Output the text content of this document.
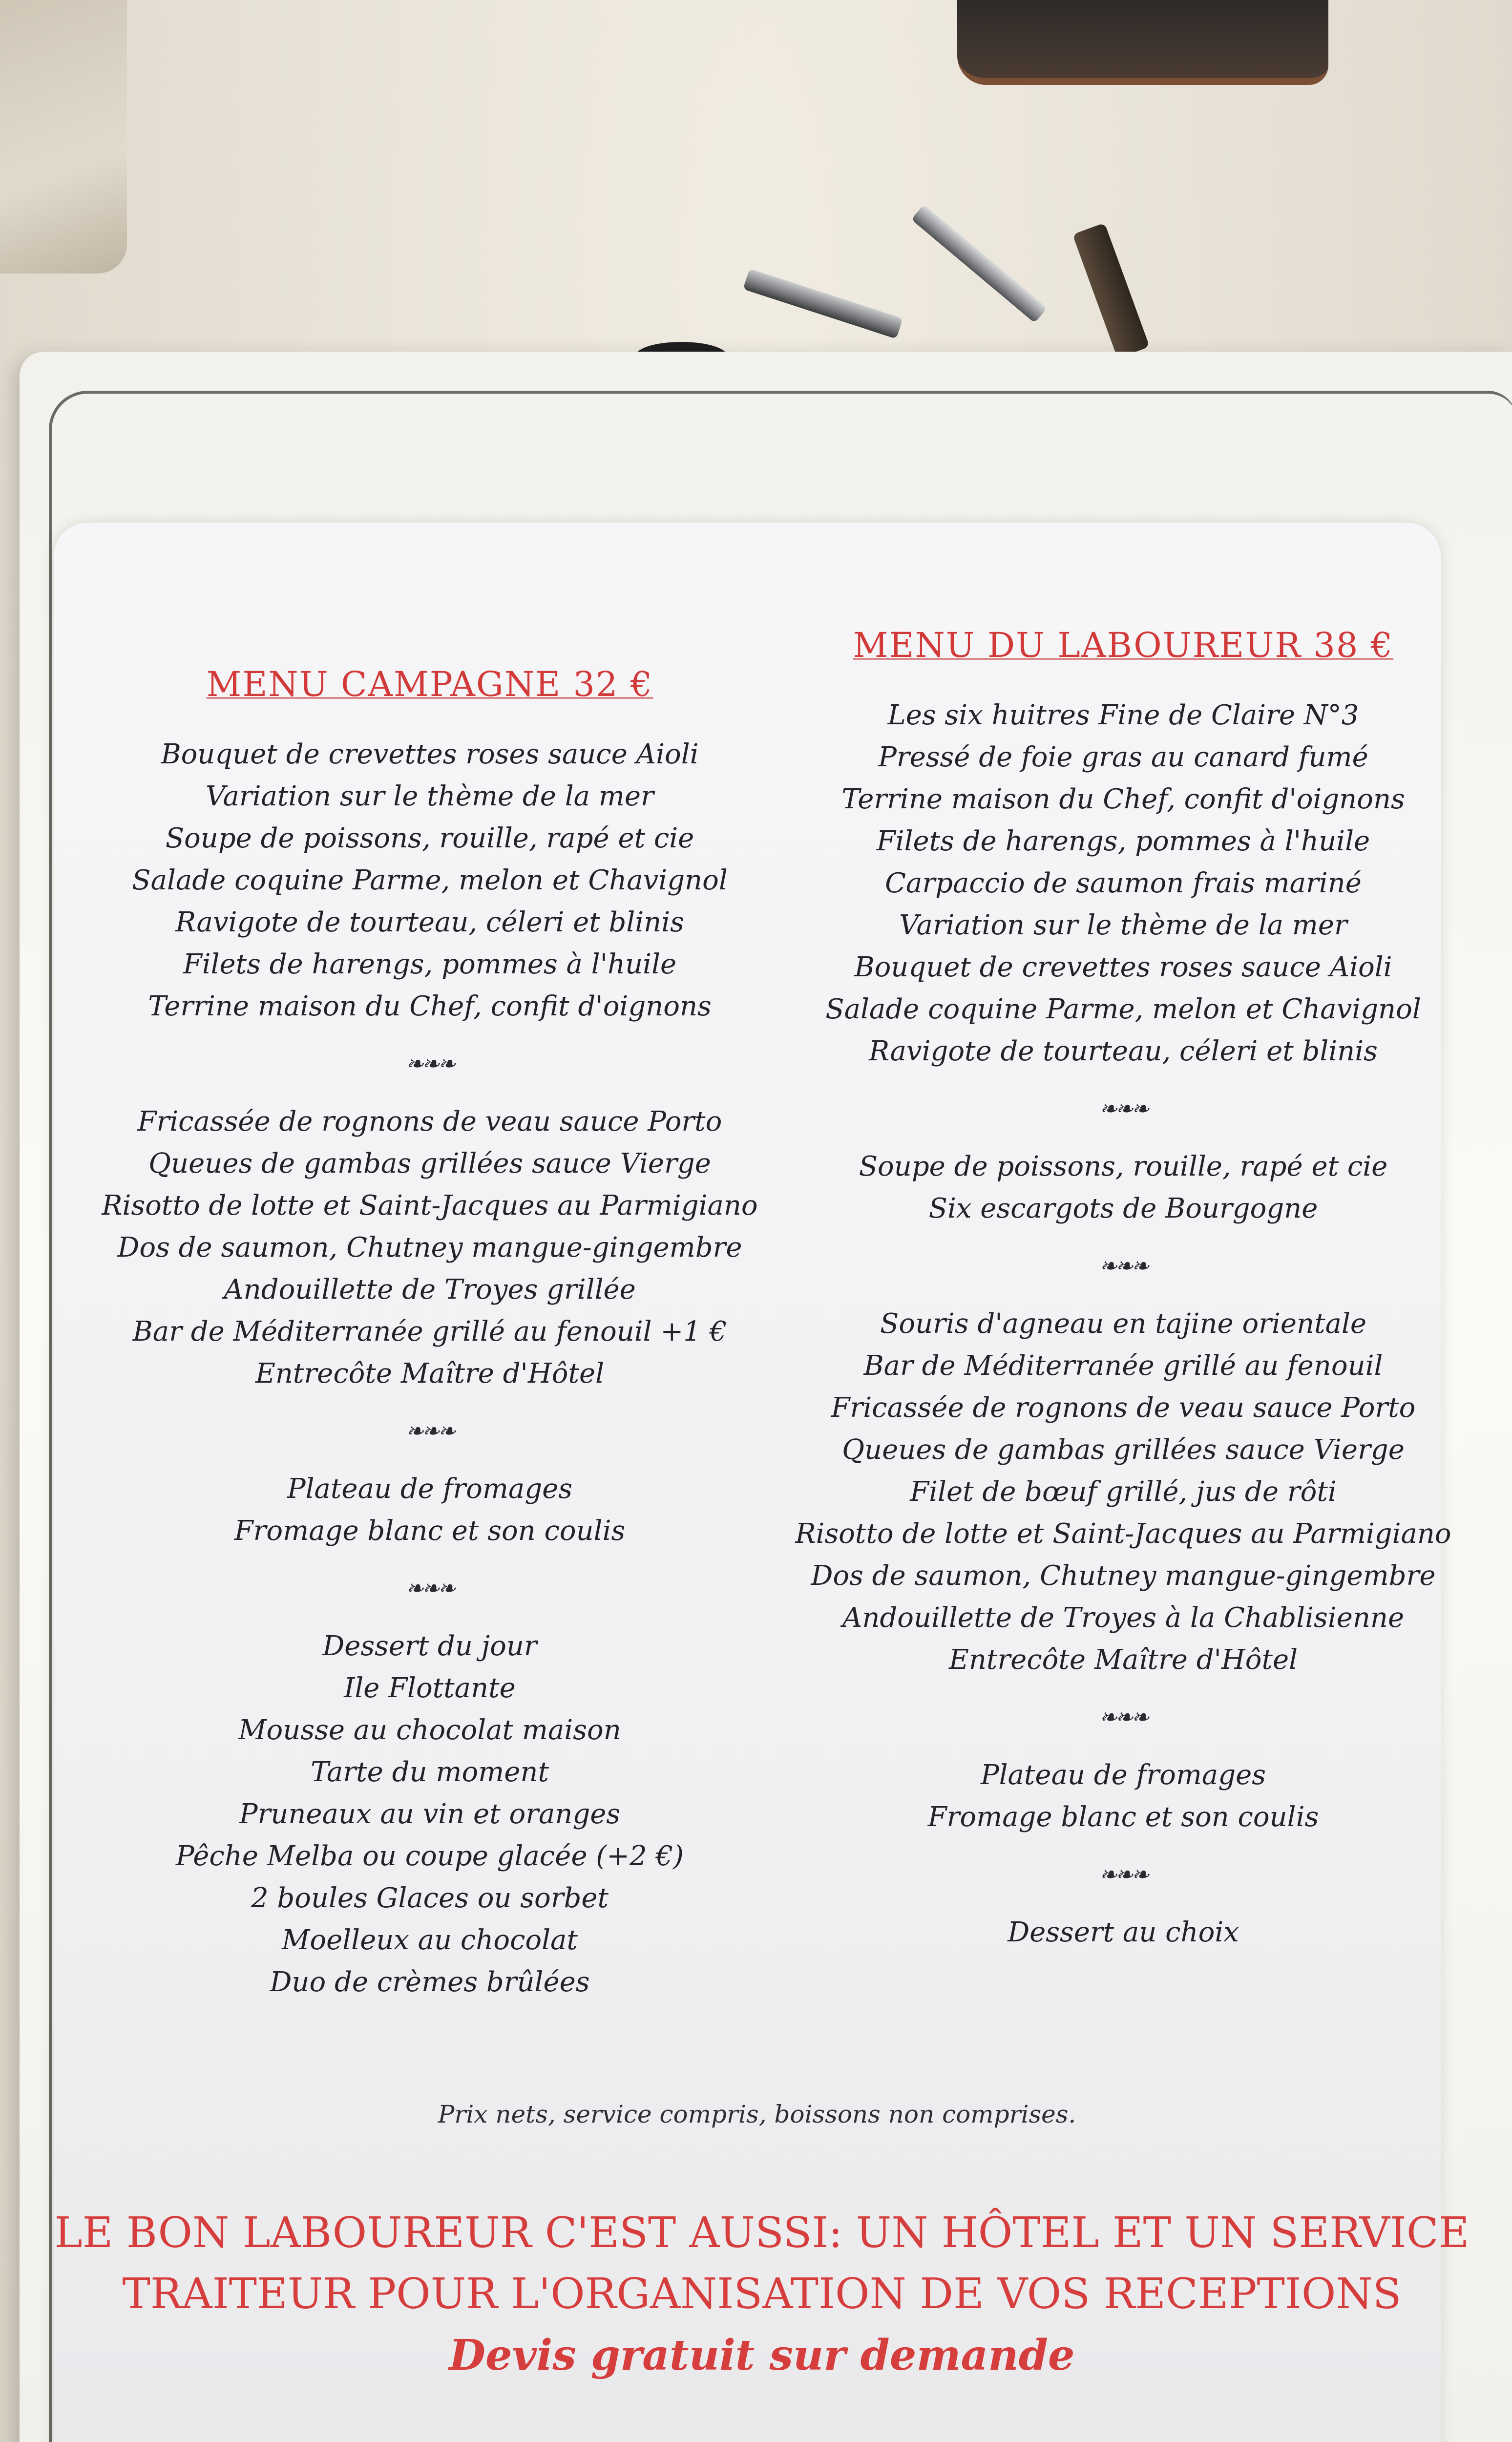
MENU CAMPAGNE 32 €
Bouquet de crevettes roses sauce Aioli
Variation sur le thème de la mer
Soupe de poissons, rouille, rapé et cie
Salade coquine Parme, melon et Chavignol
Ravigote de tourteau, céleri et blinis
Filets de harengs, pommes à l'huile
Terrine maison du Chef, confit d'oignons
❧❧❧
Fricassée de rognons de veau sauce Porto
Queues de gambas grillées sauce Vierge
Risotto de lotte et Saint-Jacques au Parmigiano
Dos de saumon, Chutney mangue-gingembre
Andouillette de Troyes grillée
Bar de Méditerranée grillé au fenouil +1 €
Entrecôte Maître d'Hôtel
❧❧❧
Plateau de fromages
Fromage blanc et son coulis
❧❧❧
Dessert du jour
Ile Flottante
Mousse au chocolat maison
Tarte du moment
Pruneaux au vin et oranges
Pêche Melba ou coupe glacée (+2 €)
2 boules Glaces ou sorbet
Moelleux au chocolat
Duo de crèmes brûlées
MENU DU LABOUREUR 38 €
Les six huitres Fine de Claire N°3
Pressé de foie gras au canard fumé
Terrine maison du Chef, confit d'oignons
Filets de harengs, pommes à l'huile
Carpaccio de saumon frais mariné
Variation sur le thème de la mer
Bouquet de crevettes roses sauce Aioli
Salade coquine Parme, melon et Chavignol
Ravigote de tourteau, céleri et blinis
❧❧❧
Soupe de poissons, rouille, rapé et cie
Six escargots de Bourgogne
❧❧❧
Souris d'agneau en tajine orientale
Bar de Méditerranée grillé au fenouil
Fricassée de rognons de veau sauce Porto
Queues de gambas grillées sauce Vierge
Filet de bœuf grillé, jus de rôti
Risotto de lotte et Saint-Jacques au Parmigiano
Dos de saumon, Chutney mangue-gingembre
Andouillette de Troyes à la Chablisienne
Entrecôte Maître d'Hôtel
❧❧❧
Plateau de fromages
Fromage blanc et son coulis
❧❧❧
Dessert au choix
Prix nets, service compris, boissons non comprises.
LE BON LABOUREUR C'EST AUSSI: UN HÔTEL ET UN SERVICE
TRAITEUR POUR L'ORGANISATION DE VOS RECEPTIONS
Devis gratuit sur demande
